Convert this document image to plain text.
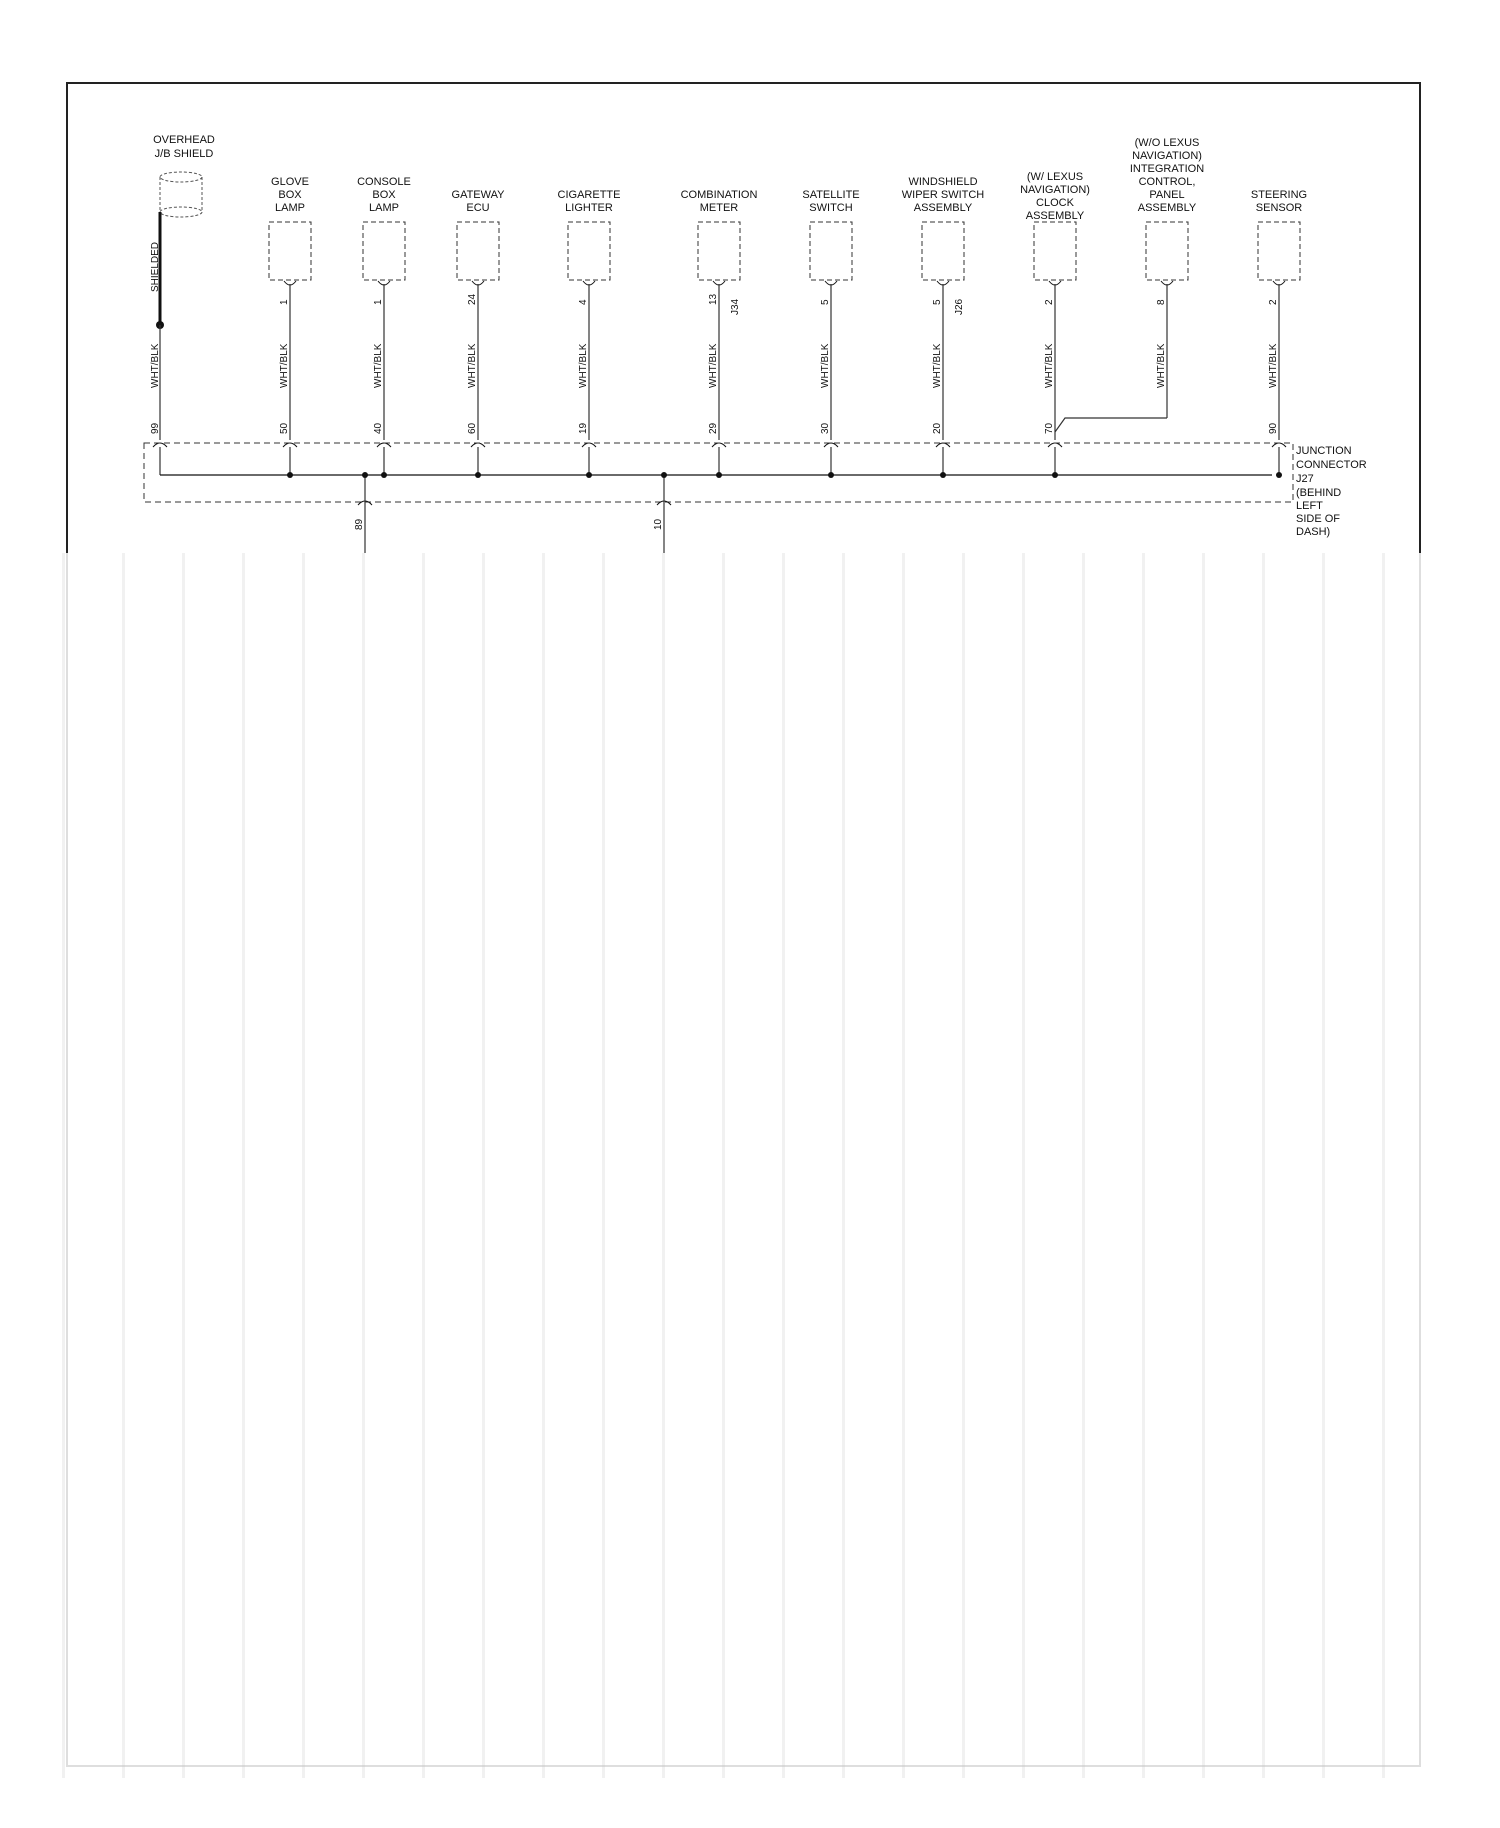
OVERHEAD
J/B SHIELD
SHIELDED
WHT/BLK
99
GLOVE
BOX
LAMP
1
WHT/BLK
50
CONSOLE
BOX
LAMP
1
WHT/BLK
40
GATEWAY
ECU
24
WHT/BLK
60
CIGARETTE
LIGHTER
4
WHT/BLK
19
COMBINATION
METER
13 J34
WHT/BLK
29
SATELLITE
SWITCH
5
WHT/BLK
30
WINDSHIELD
WIPER SWITCH
ASSEMBLY
5 J26
WHT/BLK
20
(W/ LEXUS
NAVIGATION)
CLOCK
ASSEMBLY
2
WHT/BLK
70
(W/O LEXUS
NAVIGATION)
INTEGRATION
CONTROL,
PANEL
ASSEMBLY
8
WHT/BLK
STEERING
SENSOR
2
WHT/BLK
90
JUNCTION
CONNECTOR
J27
(BEHIND
LEFT
SIDE OF
DASH)
89	10
